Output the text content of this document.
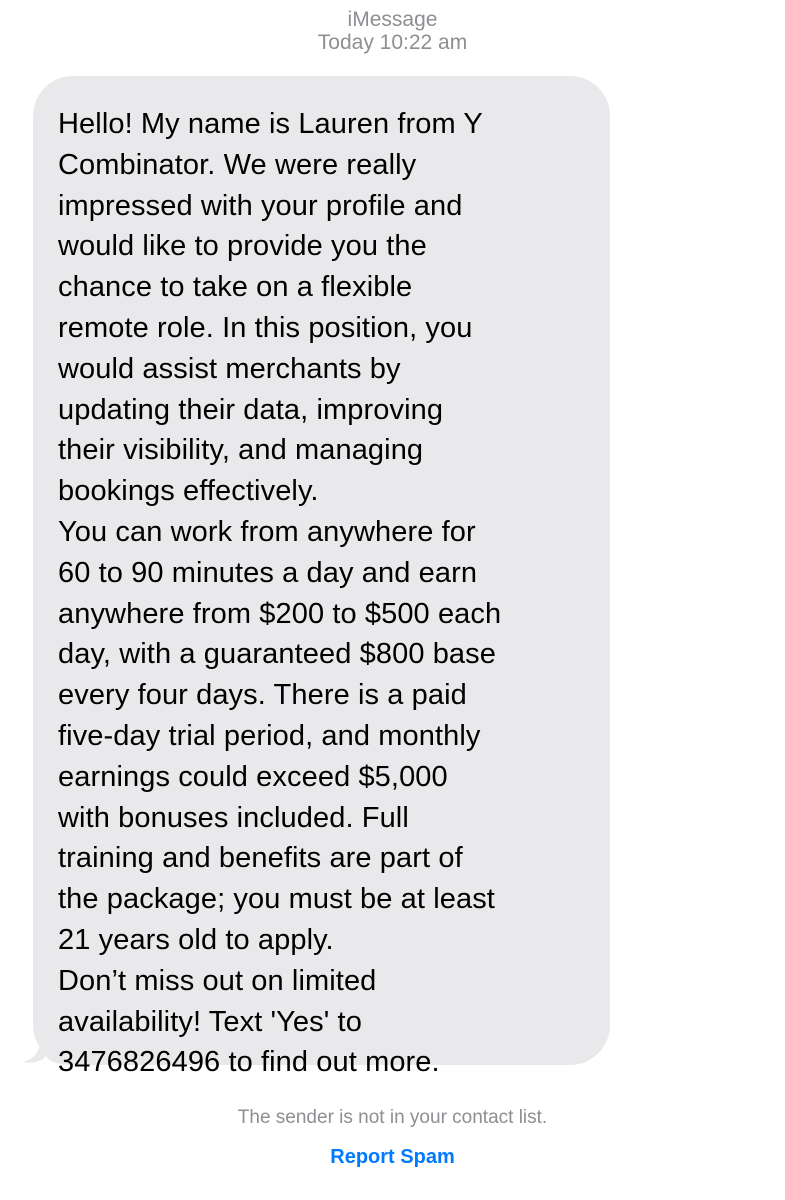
iMessage
Today 10:22 am
Hello! My name is Lauren from Y
Combinator. We were really
impressed with your profile and
would like to provide you the
chance to take on a flexible
remote role. In this position, you
would assist merchants by
updating their data, improving
their visibility, and managing
bookings effectively.
You can work from anywhere for
60 to 90 minutes a day and earn
anywhere from $200 to $500 each
day, with a guaranteed $800 base
every four days. There is a paid
five-day trial period, and monthly
earnings could exceed $5,000
with bonuses included. Full
training and benefits are part of
the package; you must be at least
21 years old to apply.
Don’t miss out on limited
availability! Text 'Yes' to
3476826496 to find out more.
The sender is not in your contact list.
Report Spam
